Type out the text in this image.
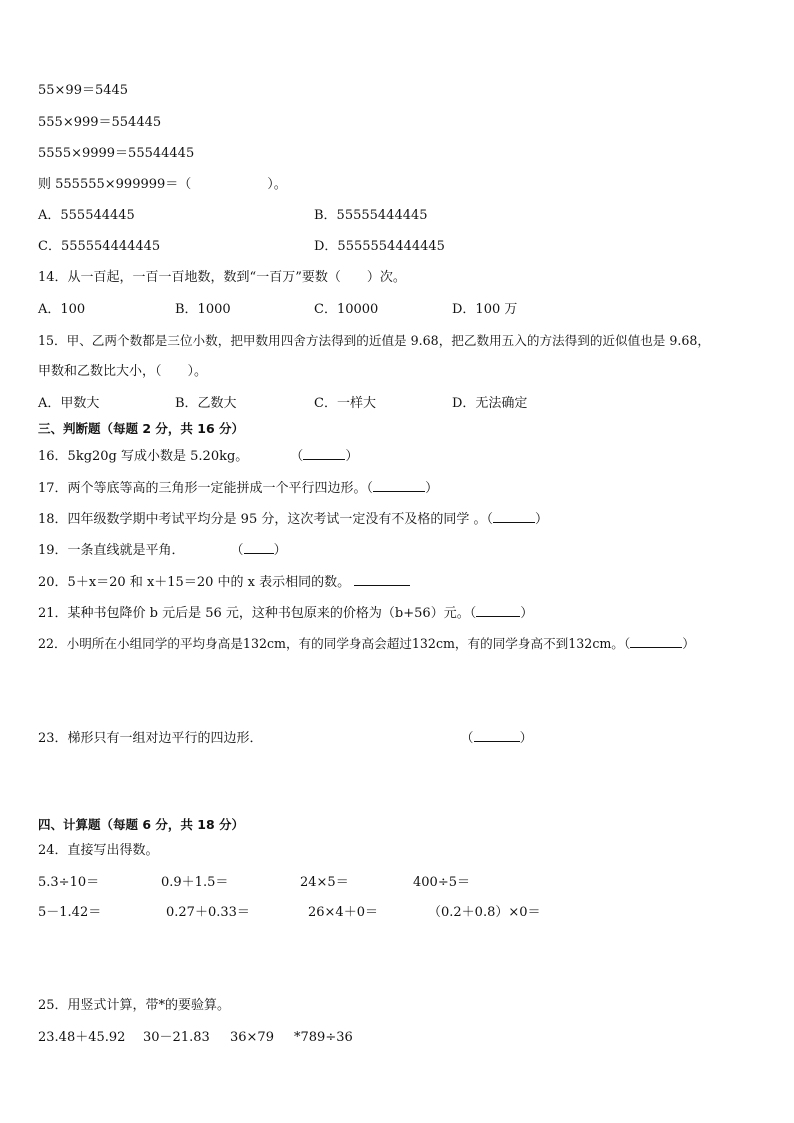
55×99＝5445
555×999＝554445
5555×9999＝55544445
则 555555×999999＝（	）。
A．555544445	B．55555444445
C．555554444445	D．5555554444445
14．从一百起，一百一百地数，数到“一百万”要数（ ）次。
A．100	B．1000	C．10000	D．100 万
15．甲、乙两个数都是三位小数，把甲数用四舍方法得到的近值是 9.68，把乙数用五入的方法得到的近似值也是 9.68，
甲数和乙数比大小，（ ）。
A．甲数大	B．乙数大	C．一样大	D．无法确定
三、判断题（每题 2 分，共 16 分）
16．5kg20g 写成小数是 5.20kg。	（	）
17．两个等底等高的三角形一定能拼成一个平行四边形。（	）
18．四年级数学期中考试平均分是 95 分，这次考试一定没有不及格的同学 。（	）
19．一条直线就是平角．	（ ）
20．5＋x＝20 和 x＋15＝20 中的 x 表示相同的数。
21．某种书包降价 b 元后是 56 元，这种书包原来的价格为（b+56）元。（	）
22．小明所在小组同学的平均身高是132cm，有的同学身高会超过132cm，有的同学身高不到132cm。（	）
23．梯形只有一组对边平行的四边形．	（	）
四、计算题（每题 6 分，共 18 分）
24．直接写出得数。
5.3÷10＝	0.9＋1.5＝	24×5＝	400÷5＝
5－1.42＝	0.27＋0.33＝	26×4＋0＝	（0.2＋0.8）×0＝
25．用竖式计算，带*的要验算。
23.48＋45.92 30－21.83 36×79 *789÷36
